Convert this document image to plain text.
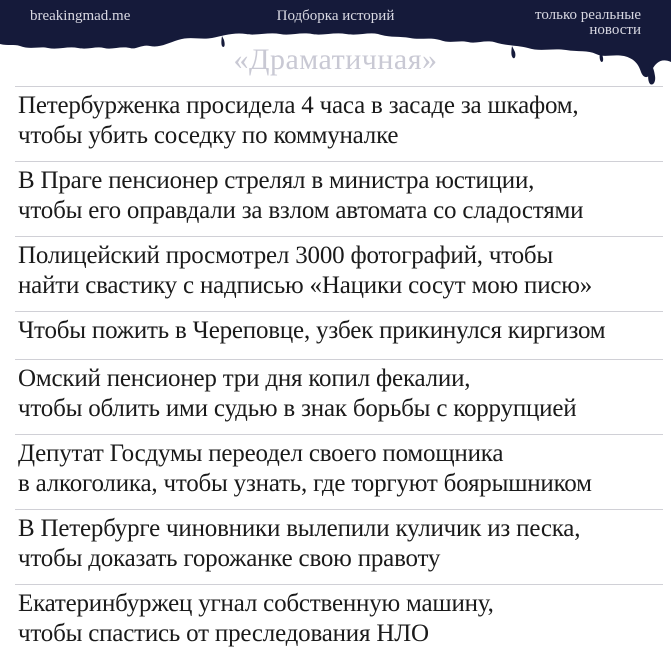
breakingmad.me	Подборка историй	только реальные
новости
«Драматичная»
Петербурженка просидела 4 часа в засаде за шкафом,
чтобы убить соседку по коммуналке
В Праге пенсионер стрелял в министра юстиции,
чтобы его оправдали за взлом автомата со сладостями
Полицейский просмотрел 3000 фотографий, чтобы
найти свастику с надписью «Нацики сосут мою писю»
Чтобы пожить в Череповце, узбек прикинулся киргизом
Омский пенсионер три дня копил фекалии,
чтобы облить ими судью в знак борьбы с коррупцией
Депутат Госдумы переодел своего помощника
в алкоголика, чтобы узнать, где торгуют боярышником
В Петербурге чиновники вылепили куличик из песка,
чтобы доказать горожанке свою правоту
Екатеринбуржец угнал собственную машину,
чтобы спастись от преследования НЛО
